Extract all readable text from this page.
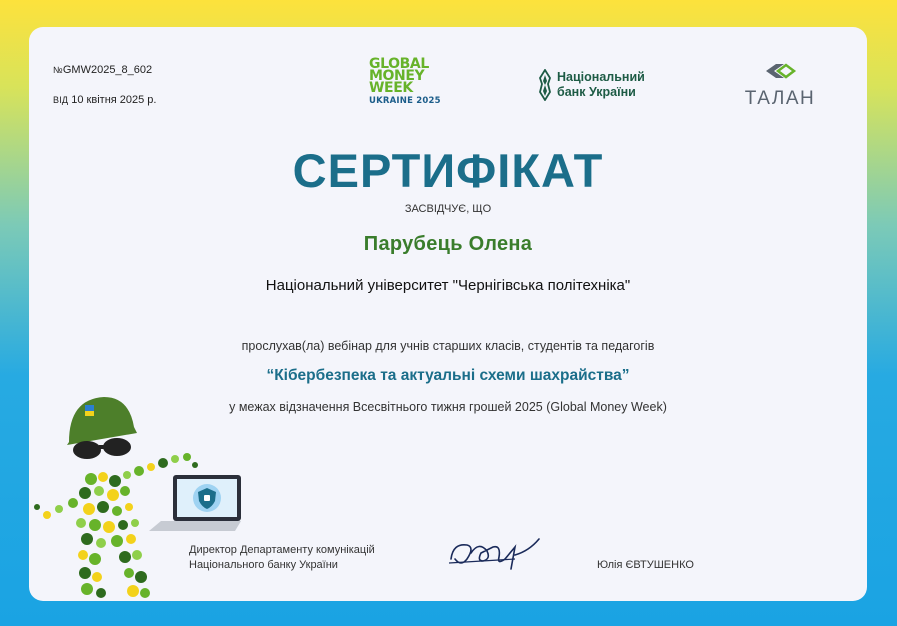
№GMW2025_8_602
ВІД 10 квітня 2025 р.
GLOBAL
MONEY
WEEK
UKRAINE 2025
Національний
банк України	ТАЛАН
СЕРТИФІКАТ
ЗАСВІДЧУЄ, ЩО
Парубець Олена
Національний університет "Чернігівська політехніка"
прослухав(ла) вебінар для учнів старших класів, студентів та педагогів
“Кібербезпека та актуальні схеми шахрайства”
у межах відзначення Всесвітнього тижня грошей 2025 (Global Money Week)
Директор Департаменту комунікацій
Національного банку України	Юлія ЄВТУШЕНКО
